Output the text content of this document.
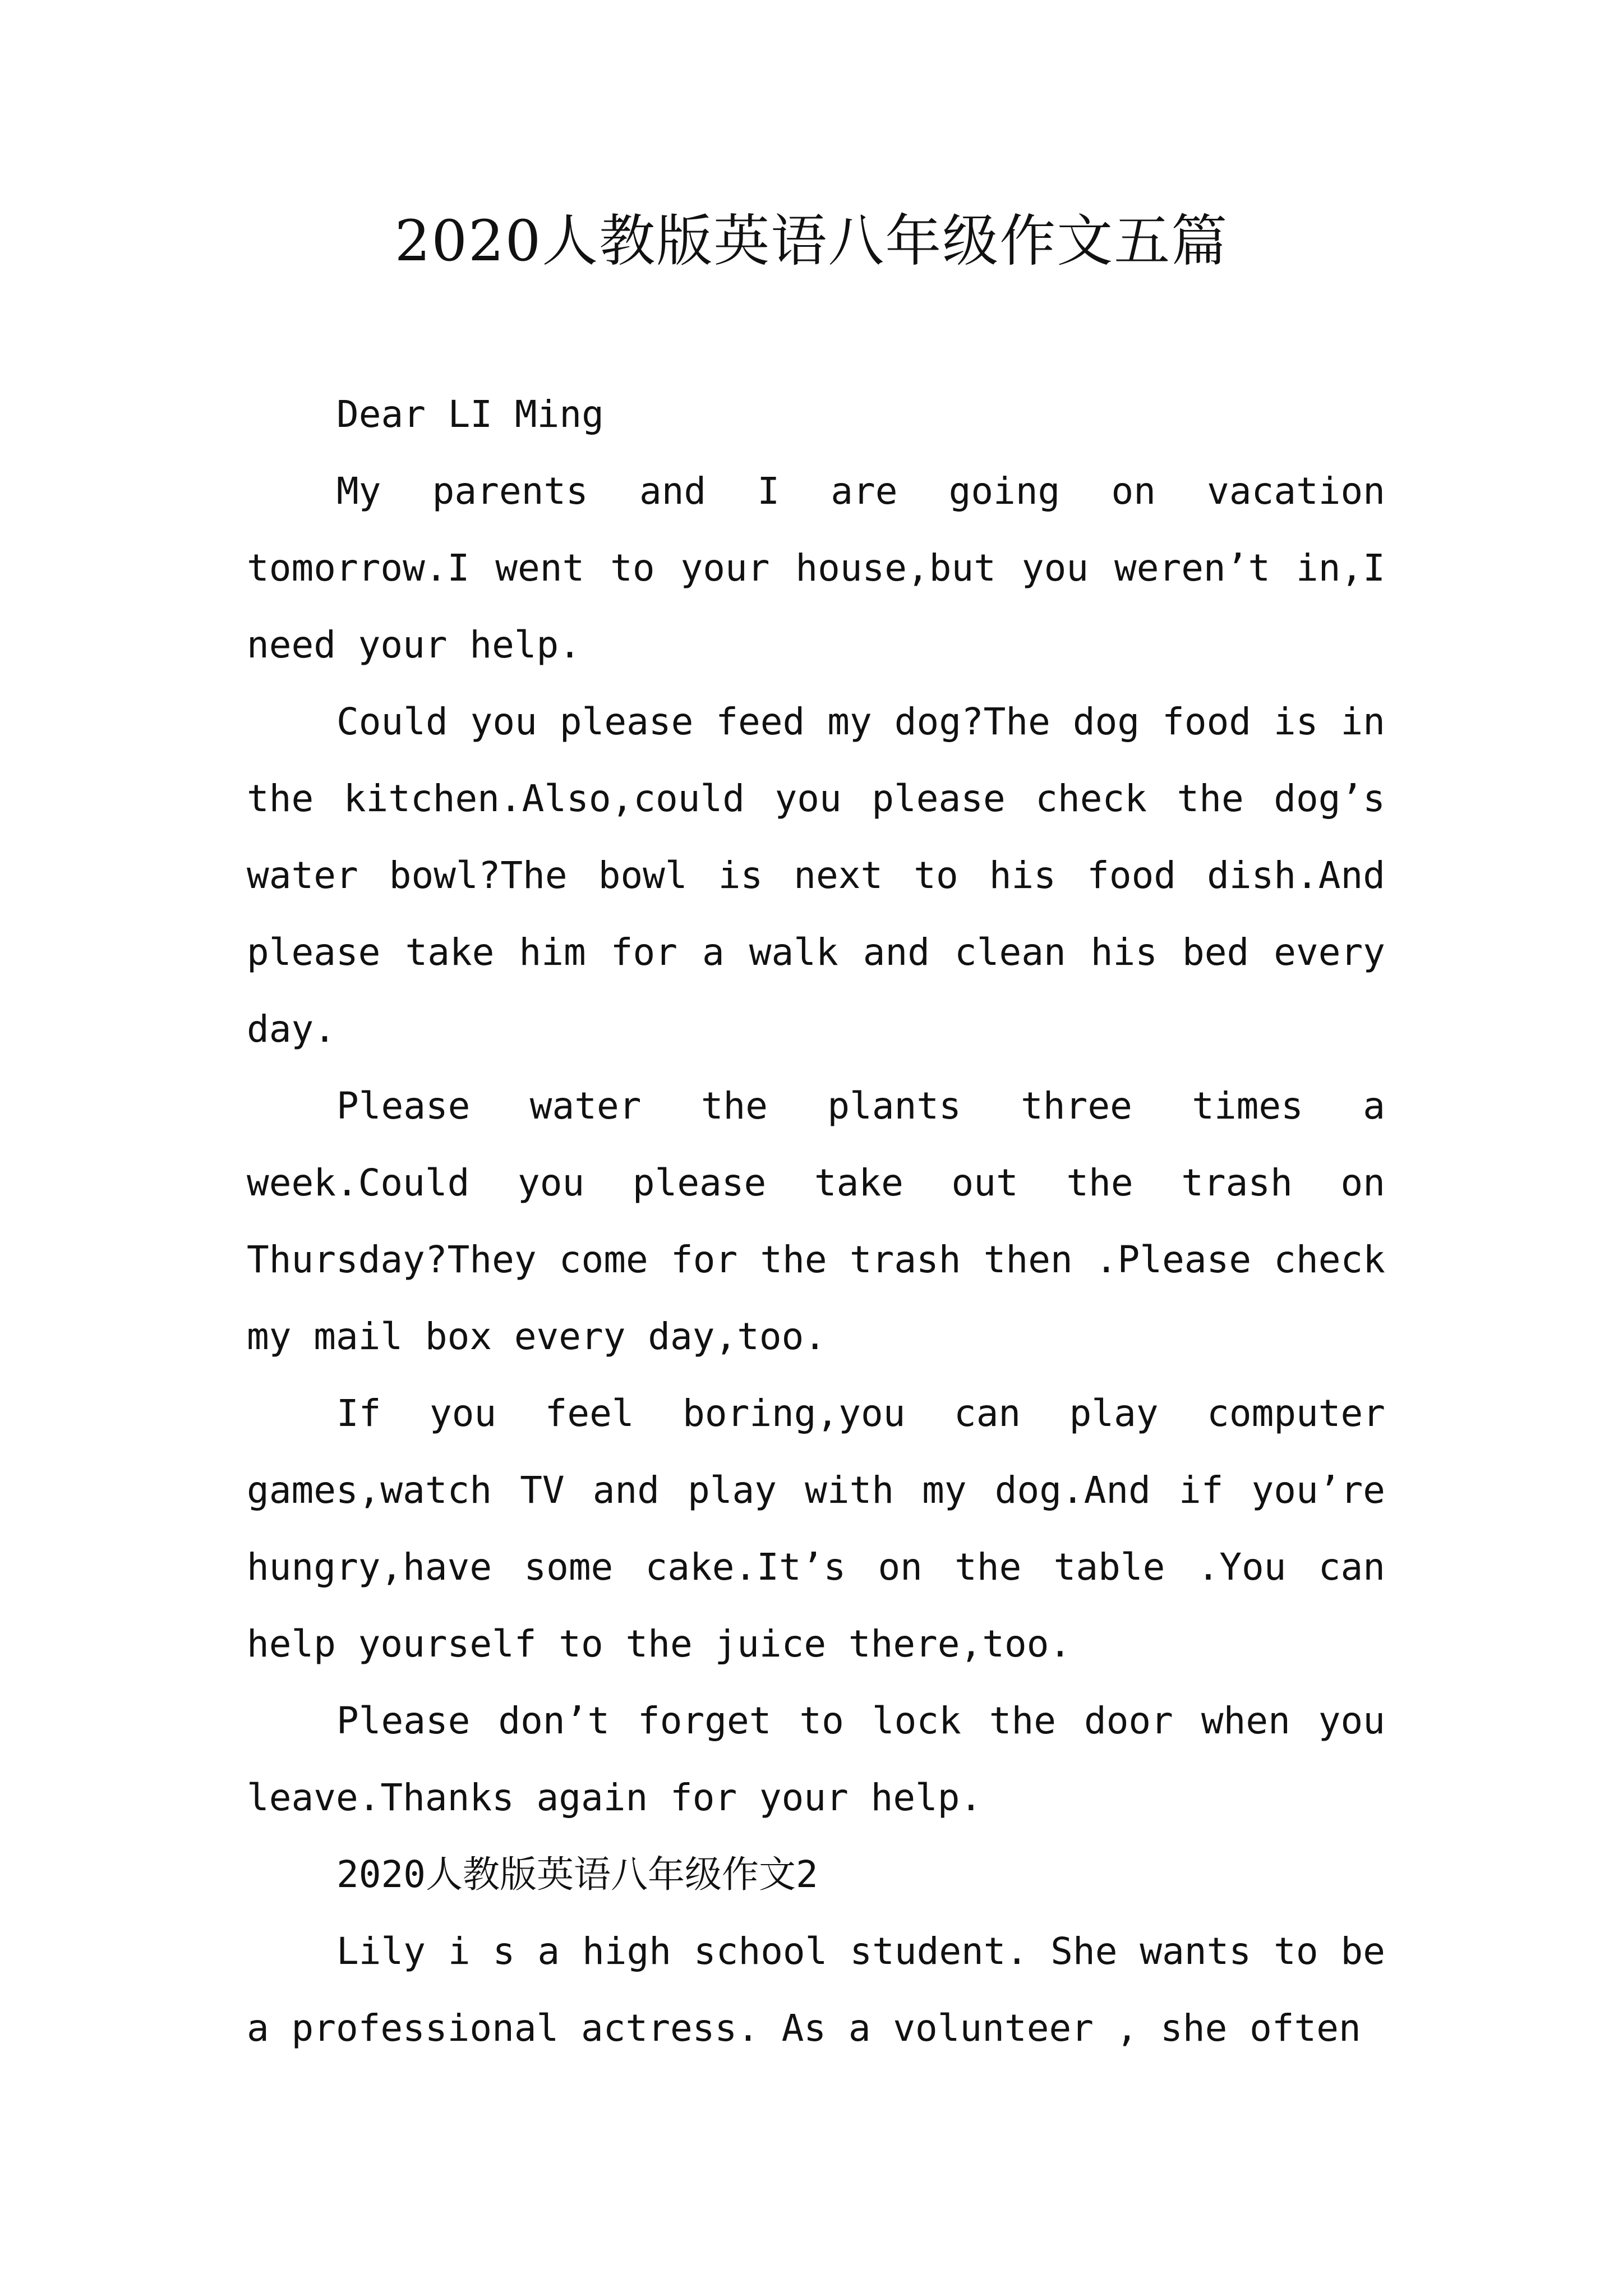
2020人教版英语八年级作文五篇

Dear LI Ming

My parents and I are going on vacation tomorrow.I went to your house,but you weren’t in,I need your help.

Could you please feed my dog?The dog food is in the kitchen.Also,could you please check the dog’s water bowl?The bowl is next to his food dish.And please take him for a walk and clean his bed every day.

Please water the plants three times a week.Could you please take out the trash on Thursday?They come for the trash then .Please check my mail box every day,too.

If you feel boring,you can play computer games,watch TV and play with my dog.And if you’re hungry,have some cake.It’s on the table .You can help yourself to the juice there,too.

Please don’t forget to lock the door when you leave.Thanks again for your help.

2020人教版英语八年级作文2

Lily i s a high school student. She wants to be a professional actress. As a volunteer , she often
